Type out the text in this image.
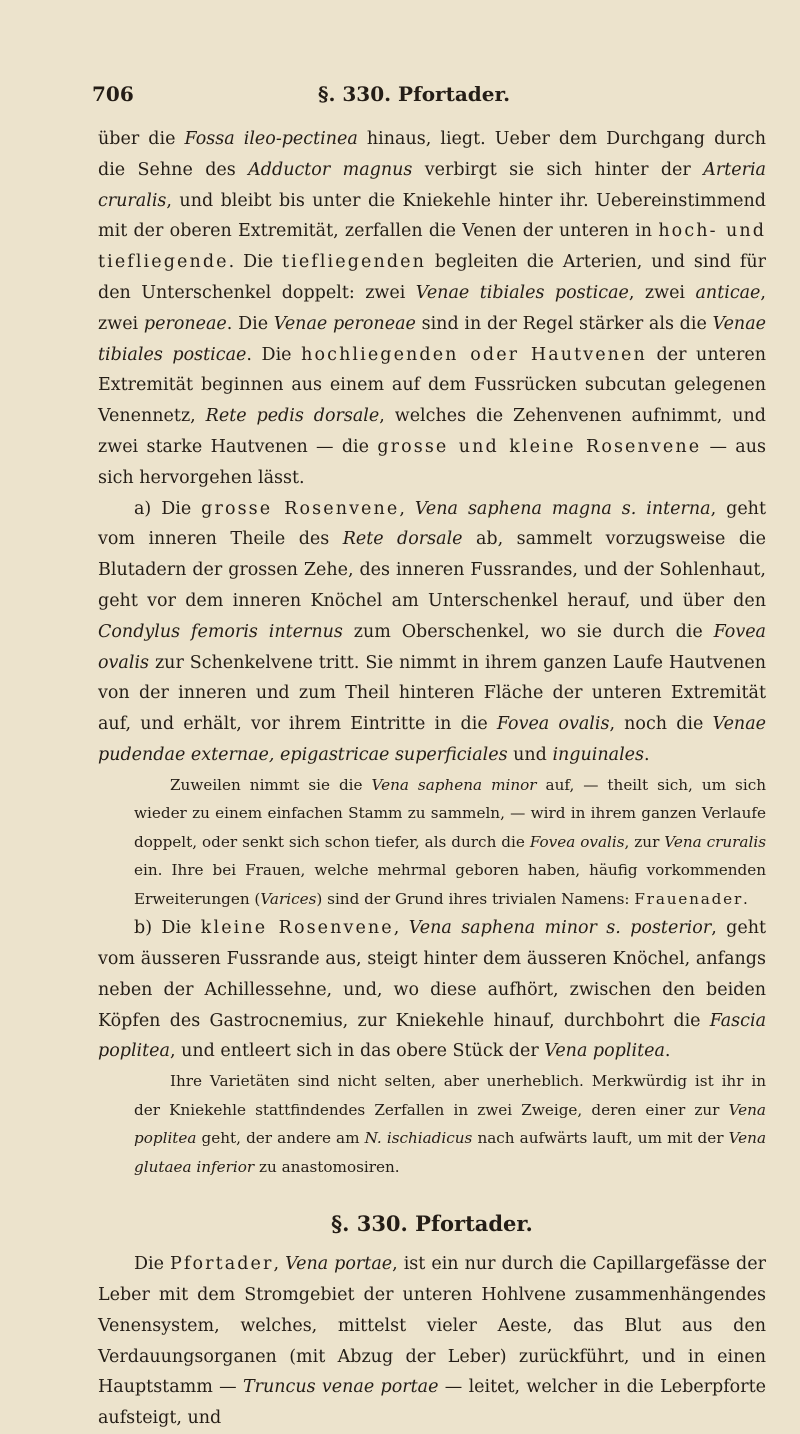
706	§. 330. Pfortader.

über die Fossa ileo-pectinea hinaus, liegt. Ueber dem Durchgang durch die Sehne des Adductor magnus verbirgt sie sich hinter der Arteria cruralis, und bleibt bis unter die Kniekehle hinter ihr. Uebereinstimmend mit der oberen Extremität, zerfallen die Venen der unteren in hoch- und tiefliegende. Die tiefliegenden begleiten die Arterien, und sind für den Unterschenkel doppelt: zwei Venae tibiales posticae, zwei anticae, zwei peroneae. Die Venae peroneae sind in der Regel stärker als die Venae tibiales posticae. Die hochliegenden oder Hautvenen der unteren Extremität beginnen aus einem auf dem Fussrücken subcutan gelegenen Venennetz, Rete pedis dorsale, welches die Zehenvenen aufnimmt, und zwei starke Hautvenen — die grosse und kleine Rosenvene — aus sich hervorgehen lässt.

a) Die grosse Rosenvene, Vena saphena magna s. interna, geht vom inneren Theile des Rete dorsale ab, sammelt vorzugsweise die Blutadern der grossen Zehe, des inneren Fussrandes, und der Sohlenhaut, geht vor dem inneren Knöchel am Unterschenkel herauf, und über den Condylus femoris internus zum Oberschenkel, wo sie durch die Fovea ovalis zur Schenkelvene tritt. Sie nimmt in ihrem ganzen Laufe Hautvenen von der inneren und zum Theil hinteren Fläche der unteren Extremität auf, und erhält, vor ihrem Eintritte in die Fovea ovalis, noch die Venae pudendae externae, epigastricae superficiales und inguinales.

Zuweilen nimmt sie die Vena saphena minor auf, — theilt sich, um sich wieder zu einem einfachen Stamm zu sammeln, — wird in ihrem ganzen Verlaufe doppelt, oder senkt sich schon tiefer, als durch die Fovea ovalis, zur Vena cruralis ein. Ihre bei Frauen, welche mehrmal geboren haben, häufig vorkommenden Erweiterungen (Varices) sind der Grund ihres trivialen Namens: Frauenader.

b) Die kleine Rosenvene, Vena saphena minor s. posterior, geht vom äusseren Fussrande aus, steigt hinter dem äusseren Knöchel, anfangs neben der Achillessehne, und, wo diese aufhört, zwischen den beiden Köpfen des Gastrocnemius, zur Kniekehle hinauf, durchbohrt die Fascia poplitea, und entleert sich in das obere Stück der Vena poplitea.

Ihre Varietäten sind nicht selten, aber unerheblich. Merkwürdig ist ihr in der Kniekehle stattfindendes Zerfallen in zwei Zweige, deren einer zur Vena poplitea geht, der andere am N. ischiadicus nach aufwärts lauft, um mit der Vena glutaea inferior zu anastomosiren.

§. 330. Pfortader.

Die Pfortader, Vena portae, ist ein nur durch die Capillargefässe der Leber mit dem Stromgebiet der unteren Hohlvene zusammenhängendes Venensystem, welches, mittelst vieler Aeste, das Blut aus den Verdauungsorganen (mit Abzug der Leber) zurückführt, und in einen Hauptstamm — Truncus venae portae — leitet, welcher in die Leberpforte aufsteigt, und
